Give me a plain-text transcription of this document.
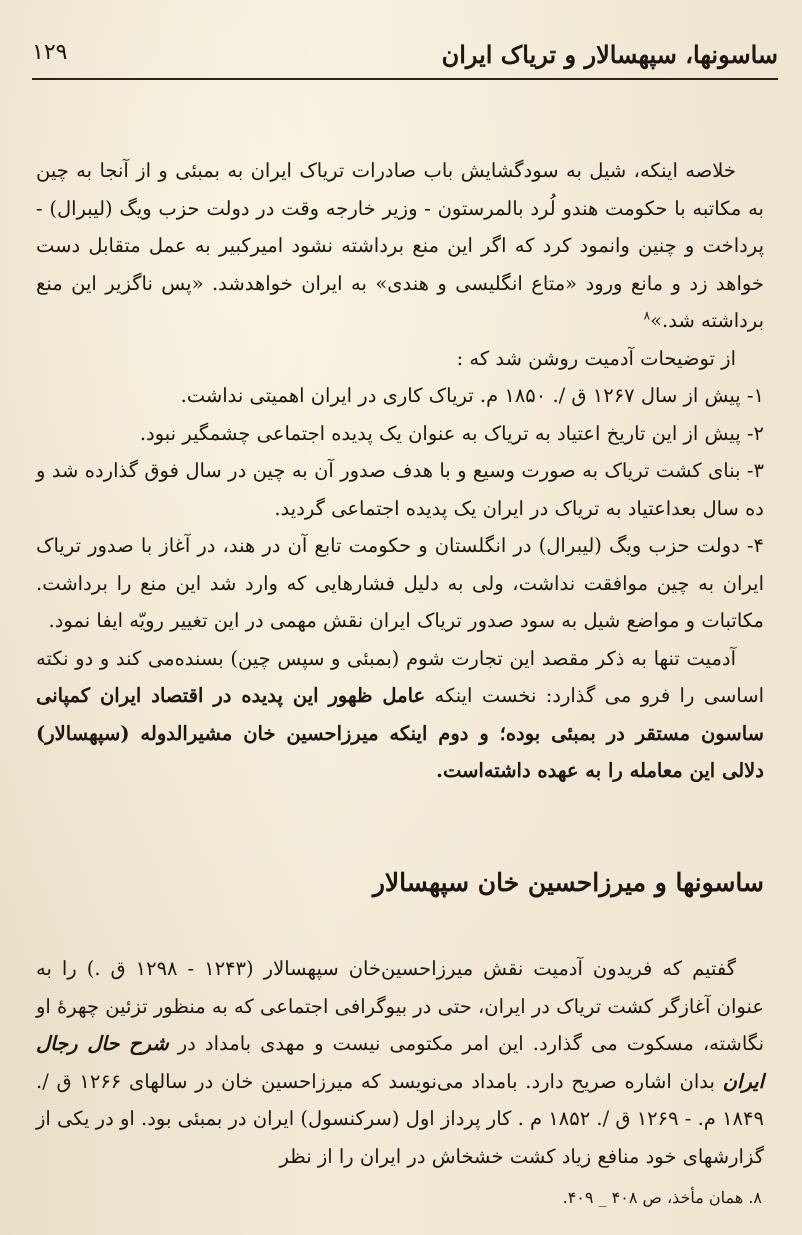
ساسونها، سپهسالار و تریاک ایران
۱۲۹

خلاصه اینکه، شیل به سودگشایش باب صادرات تریاک ایران به بمبئی و از آنجا به چین به مکاتبه با حکومت هندو لُرد بالمرستون - وزیر خارجه وقت در دولت حزب ویگ (لیبرال) - پرداخت و چنین وانمود کرد که اگر این منع برداشته نشود امیرکبیر به عمل متقابل دست خواهد زد و مانع ورود «متاع انگلیسی و هندی» به ایران خواهدشد. «پس ناگزیر این منع برداشته شد.»$^۸$

از توضیحات آدمیت روشن شد که :

۱- پیش از سال ۱۲۶۷ ق /. ۱۸۵۰ م. تریاک کاری در ایران اهمیتی نداشت.

۲- پیش از این تاریخ اعتیاد به تریاک به عنوان یک پدیده اجتماعی چشمگیر نبود.

۳- بنای کشت تریاک به صورت وسیع و با هدف صدور آن به چین در سال فوق گذارده شد و ده سال بعداعتیاد به تریاک در ایران یک پدیده اجتماعی گردید.

۴- دولت حزب ویگ (لیبرال) در انگلستان و حکومت تابع آن در هند، در آغاز با صدور تریاک ایران به چین موافقت نداشت، ولی به دلیل فشارهایی که وارد شد این منع را برداشت. مکاتبات و مواضع شیل به سود صدور تریاک ایران نقش مهمی در این تغییر رویّه ایفا نمود.

آدمیت تنها به ذکر مقصد این تجارت شوم (بمبئی و سپس چین) بسنده‌می کند و دو نکته اساسی را فرو می گذارد: نخست اینکه عامل ظهور این پدیده در اقتصاد ایران کمپانی ساسون مستقر در بمبئی بوده؛ و دوم اینکه میرزاحسین خان مشیرالدوله (سپهسالار) دلالی این معامله را به عهده داشته‌است.

ساسونها و میرزاحسین خان سپهسالار

گفتیم که فریدون آدمیت نقش میرزاحسین‌خان سپهسالار (۱۲۴۳ - ۱۲۹۸ ق .) را به عنوان آغازگر کشت تریاک در ایران، حتی در بیوگرافی اجتماعی که به منظور تزئین چهرهٔ او نگاشته، مسکوت می گذارد. این امر مکتومی نیست و مهدی بامداد در شرح حال رجال ایران بدان اشاره صریح دارد. بامداد می‌نویسد که میرزاحسین خان در سالهای ۱۲۶۶ ق /. ۱۸۴۹ م. - ۱۲۶۹ ق /. ۱۸۵۲ م . کار پرداز اول (سرکنسول) ایران در بمبئی بود. او در یکی از گزارشهای خود منافع زیاد کشت خشخاش در ایران را از نظر

۸. همان مأخذ، ص ۴۰۸ _ ۴۰۹.
